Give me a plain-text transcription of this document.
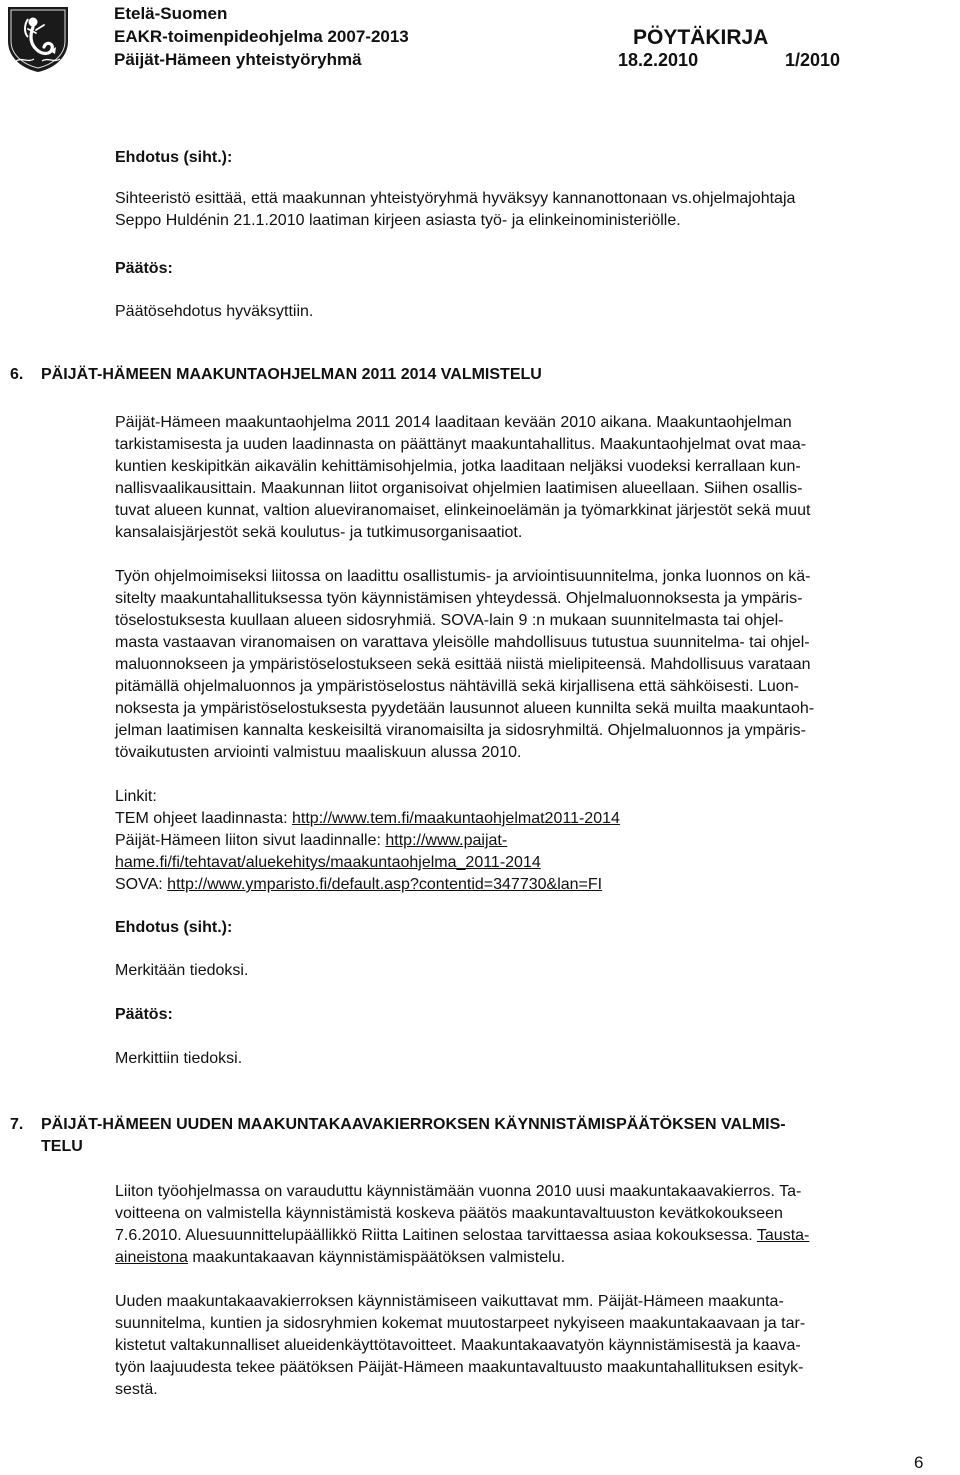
Etelä-Suomen
EAKR-toimenpideohjelma 2007-2013
Päijät-Hämeen yhteistyöryhmä
PÖYTÄKIRJA
18.2.2010	1/2010
Ehdotus (siht.):
Sihteeristö esittää, että maakunnan yhteistyöryhmä hyväksyy kannanottonaan vs.ohjelmajohtaja
Seppo Huldénin 21.1.2010 laatiman kirjeen asiasta työ- ja elinkeinoministeriölle.
Päätös:
Päätösehdotus hyväksyttiin.
6. PÄIJÄT-HÄMEEN MAAKUNTAOHJELMAN 2011 2014 VALMISTELU
Päijät-Hämeen maakuntaohjelma 2011 2014 laaditaan kevään 2010 aikana. Maakuntaohjelman
tarkistamisesta ja uuden laadinnasta on päättänyt maakuntahallitus. Maakuntaohjelmat ovat maa-
kuntien keskipitkän aikavälin kehittämisohjelmia, jotka laaditaan neljäksi vuodeksi kerrallaan kun-
nallisvaalikausittain. Maakunnan liitot organisoivat ohjelmien laatimisen alueellaan. Siihen osallis-
tuvat alueen kunnat, valtion alueviranomaiset, elinkeinoelämän ja työmarkkinat järjestöt sekä muut
kansalaisjärjestöt sekä koulutus- ja tutkimusorganisaatiot.
Työn ohjelmoimiseksi liitossa on laadittu osallistumis- ja arviointisuunnitelma, jonka luonnos on kä-
sitelty maakuntahallituksessa työn käynnistämisen yhteydessä. Ohjelmaluonnoksesta ja ympäris-
töselostuksesta kuullaan alueen sidosryhmiä. SOVA-lain 9 :n mukaan suunnitelmasta tai ohjel-
masta vastaavan viranomaisen on varattava yleisölle mahdollisuus tutustua suunnitelma- tai ohjel-
maluonnokseen ja ympäristöselostukseen sekä esittää niistä mielipiteensä. Mahdollisuus varataan
pitämällä ohjelmaluonnos ja ympäristöselostus nähtävillä sekä kirjallisena että sähköisesti. Luon-
noksesta ja ympäristöselostuksesta pyydetään lausunnot alueen kunnilta sekä muilta maakuntaoh-
jelman laatimisen kannalta keskeisiltä viranomaisilta ja sidosryhmiltä. Ohjelmaluonnos ja ympäris-
tövaikutusten arviointi valmistuu maaliskuun alussa 2010.
Linkit:
TEM ohjeet laadinnasta: http://www.tem.fi/maakuntaohjelmat2011-2014
Päijät-Hämeen liiton sivut laadinnalle: http://www.paijat-
hame.fi/fi/tehtavat/aluekehitys/maakuntaohjelma_2011-2014
SOVA: http://www.ymparisto.fi/default.asp?contentid=347730&lan=FI
Ehdotus (siht.):
Merkitään tiedoksi.
Päätös:
Merkittiin tiedoksi.
7. PÄIJÄT-HÄMEEN UUDEN MAAKUNTAKAAVAKIERROKSEN KÄYNNISTÄMISPÄÄTÖKSEN VALMIS-
TELU
Liiton työohjelmassa on varauduttu käynnistämään vuonna 2010 uusi maakuntakaavakierros. Ta-
voitteena on valmistella käynnistämistä koskeva päätös maakuntavaltuuston kevätkokoukseen
7.6.2010. Aluesuunnittelupäällikkö Riitta Laitinen selostaa tarvittaessa asiaa kokouksessa. Tausta-
aineistona maakuntakaavan käynnistämispäätöksen valmistelu.
Uuden maakuntakaavakierroksen käynnistämiseen vaikuttavat mm. Päijät-Hämeen maakunta-
suunnitelma, kuntien ja sidosryhmien kokemat muutostarpeet nykyiseen maakuntakaavaan ja tar-
kistetut valtakunnalliset alueidenkäyttötavoitteet. Maakuntakaavatyön käynnistämisestä ja kaava-
työn laajuudesta tekee päätöksen Päijät-Hämeen maakuntavaltuusto maakuntahallituksen esityk-
sestä.
6
